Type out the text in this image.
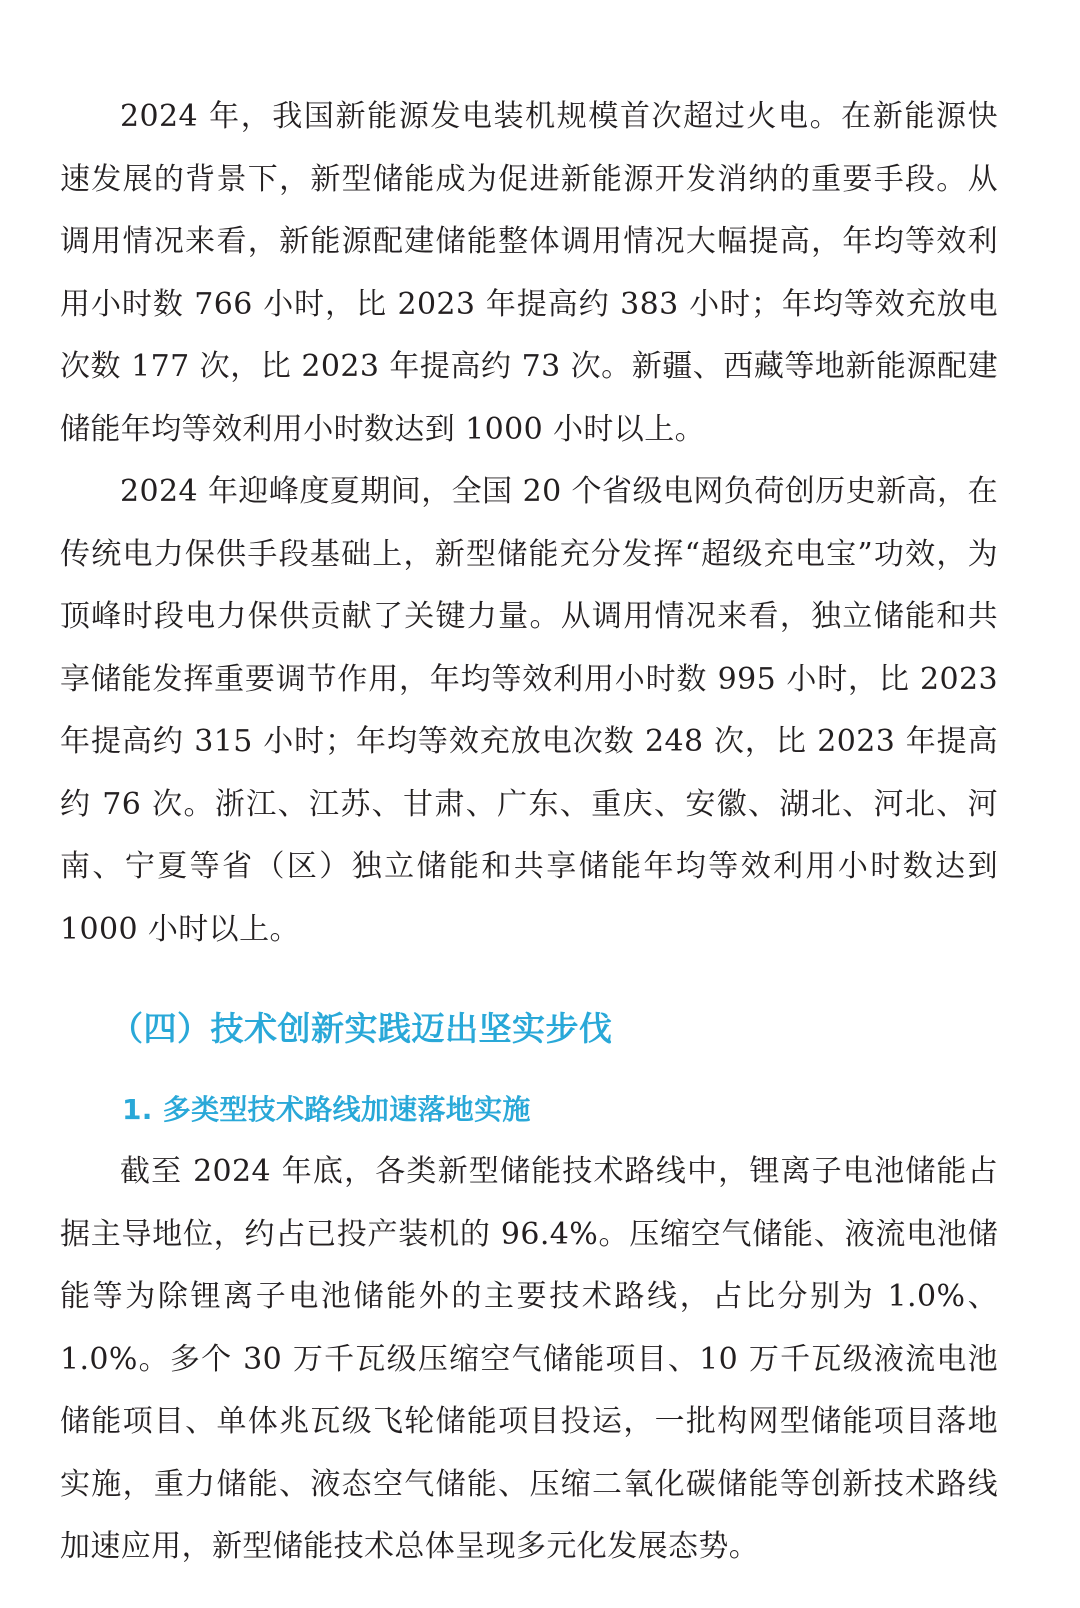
2024 年，我国新能源发电装机规模首次超过火电。在新能源快速发展的背景下，新型储能成为促进新能源开发消纳的重要手段。从调用情况来看，新能源配建储能整体调用情况大幅提高，年均等效利用小时数 766 小时，比 2023 年提高约 383 小时；年均等效充放电次数 177 次，比 2023 年提高约 73 次。新疆、西藏等地新能源配建储能年均等效利用小时数达到 1000 小时以上。

2024 年迎峰度夏期间，全国 20 个省级电网负荷创历史新高，在传统电力保供手段基础上，新型储能充分发挥“超级充电宝”功效，为顶峰时段电力保供贡献了关键力量。从调用情况来看，独立储能和共享储能发挥重要调节作用，年均等效利用小时数 995 小时，比 2023 年提高约 315 小时；年均等效充放电次数 248 次，比 2023 年提高约 76 次。浙江、江苏、甘肃、广东、重庆、安徽、湖北、河北、河南、宁夏等省（区）独立储能和共享储能年均等效利用小时数达到 1000 小时以上。

（四）技术创新实践迈出坚实步伐
1. 多类型技术路线加速落地实施

截至 2024 年底，各类新型储能技术路线中，锂离子电池储能占据主导地位，约占已投产装机的 96.4%。压缩空气储能、液流电池储能等为除锂离子电池储能外的主要技术路线，占比分别为 1.0%、1.0%。多个 30 万千瓦级压缩空气储能项目、10 万千瓦级液流电池储能项目、单体兆瓦级飞轮储能项目投运，一批构网型储能项目落地实施，重力储能、液态空气储能、压缩二氧化碳储能等创新技术路线加速应用，新型储能技术总体呈现多元化发展态势。
